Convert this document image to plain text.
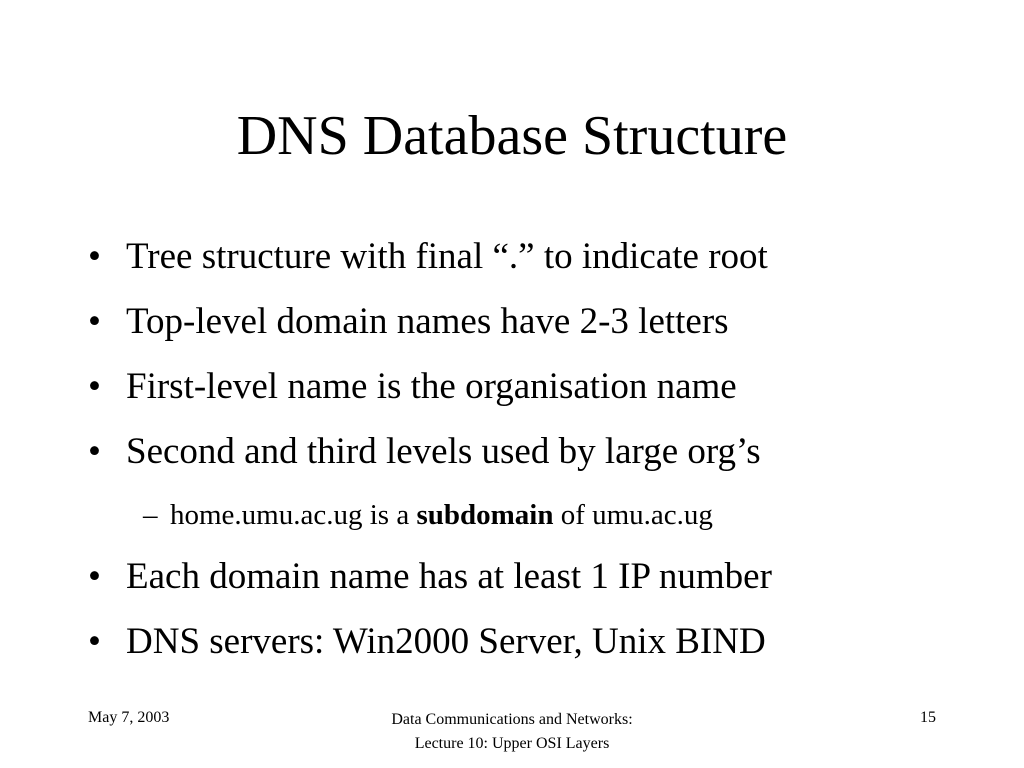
DNS Database Structure
• Tree structure with final “.” to indicate root
• Top-level domain names have 2-3 letters
• First-level name is the organisation name
• Second and third levels used by large org’s
– home.umu.ac.ug is a subdomain of umu.ac.ug
• Each domain name has at least 1 IP number
• DNS servers: Win2000 Server, Unix BIND
May 7, 2003	Data Communications and Networks:
Lecture 10: Upper OSI Layers
15
